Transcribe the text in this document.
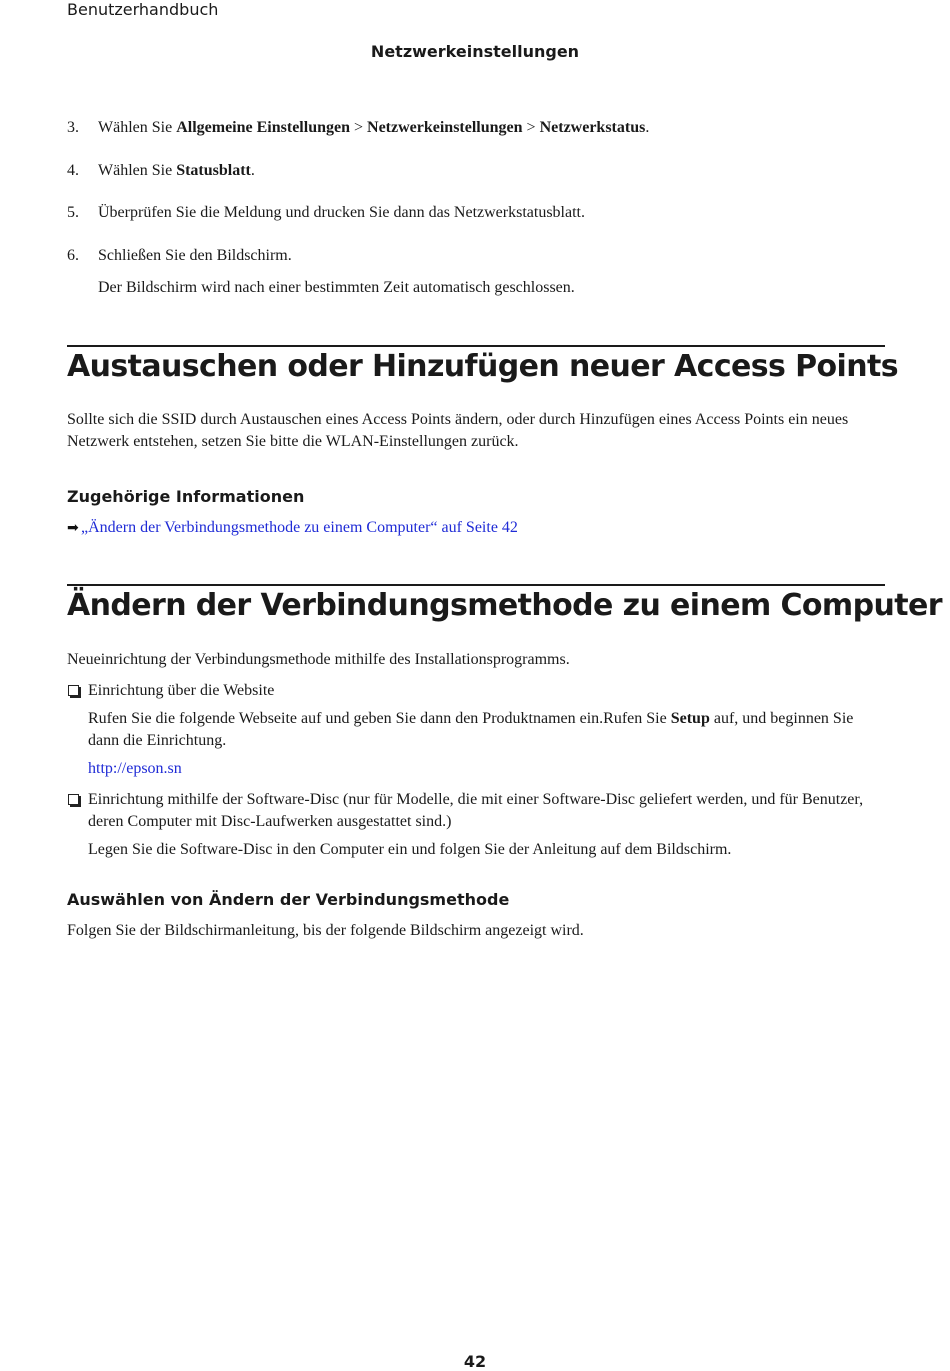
Benutzerhandbuch
Netzwerkeinstellungen
3. Wählen Sie Allgemeine Einstellungen > Netzwerkeinstellungen > Netzwerkstatus.
4. Wählen Sie Statusblatt.
5. Überprüfen Sie die Meldung und drucken Sie dann das Netzwerkstatusblatt.
6. Schließen Sie den Bildschirm.
Der Bildschirm wird nach einer bestimmten Zeit automatisch geschlossen.
Austauschen oder Hinzufügen neuer Access Points
Sollte sich die SSID durch Austauschen eines Access Points ändern, oder durch Hinzufügen eines Access Points ein neues Netzwerk entstehen, setzen Sie bitte die WLAN-Einstellungen zurück.
Zugehörige Informationen
➡ „Ändern der Verbindungsmethode zu einem Computer“ auf Seite 42
Ändern der Verbindungsmethode zu einem Computer
Neueinrichtung der Verbindungsmethode mithilfe des Installationsprogramms.
Einrichtung über die Website
Rufen Sie die folgende Webseite auf und geben Sie dann den Produktnamen ein.Rufen Sie Setup auf, und beginnen Sie dann die Einrichtung.
http://epson.sn
Einrichtung mithilfe der Software-Disc (nur für Modelle, die mit einer Software-Disc geliefert werden, und für Benutzer, deren Computer mit Disc-Laufwerken ausgestattet sind.)
Legen Sie die Software-Disc in den Computer ein und folgen Sie der Anleitung auf dem Bildschirm.
Auswählen von Ändern der Verbindungsmethode
Folgen Sie der Bildschirmanleitung, bis der folgende Bildschirm angezeigt wird.
42
